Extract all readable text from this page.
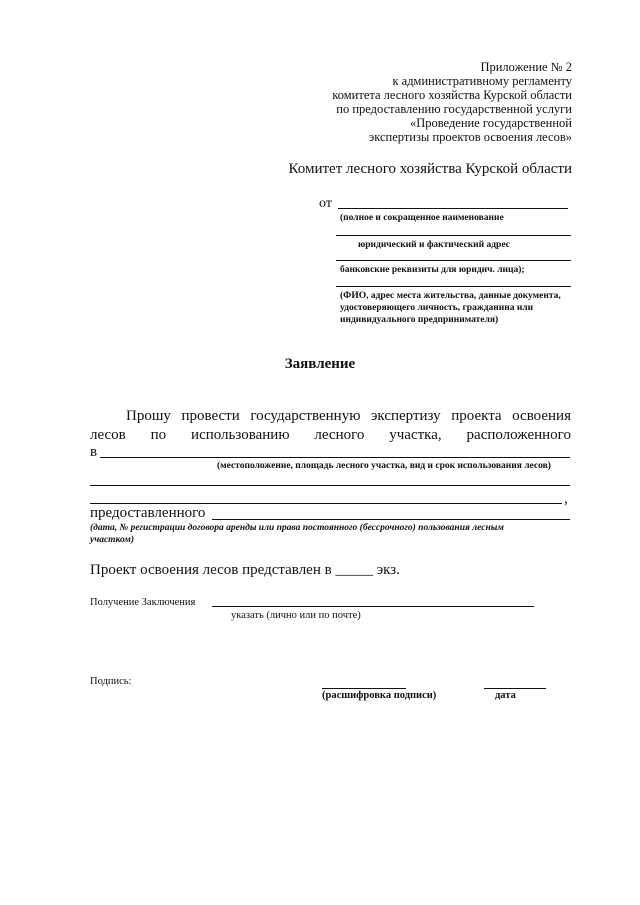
Приложение № 2
к административному регламенту
комитета лесного хозяйства Курской области
по предоставлению государственной услуги
«Проведение государственной
экспертизы проектов освоения лесов»
Комитет лесного хозяйства Курской области
от
(полное и сокращенное наименование
юридический и фактический адрес
банковские реквизиты для юридич. лица);
(ФИО, адрес места жительства, данные документа,
удостоверяющего личность, гражданина или
индивидуального предпринимателя)
Заявление
Прошу провести государственную экспертизу проекта освоения
лесов по использованию лесного участка, расположенного
в
(местоположение, площадь лесного участка, вид и срок использования лесов)
,
предоставленного
(дата, № регистрации договора аренды или права постоянного (бессрочного) пользования лесным
участком)
Проект освоения лесов представлен в _____ экз.
Получение Заключения
указать (лично или по почте)
Подпись:
(расшифровка подписи)	дата
